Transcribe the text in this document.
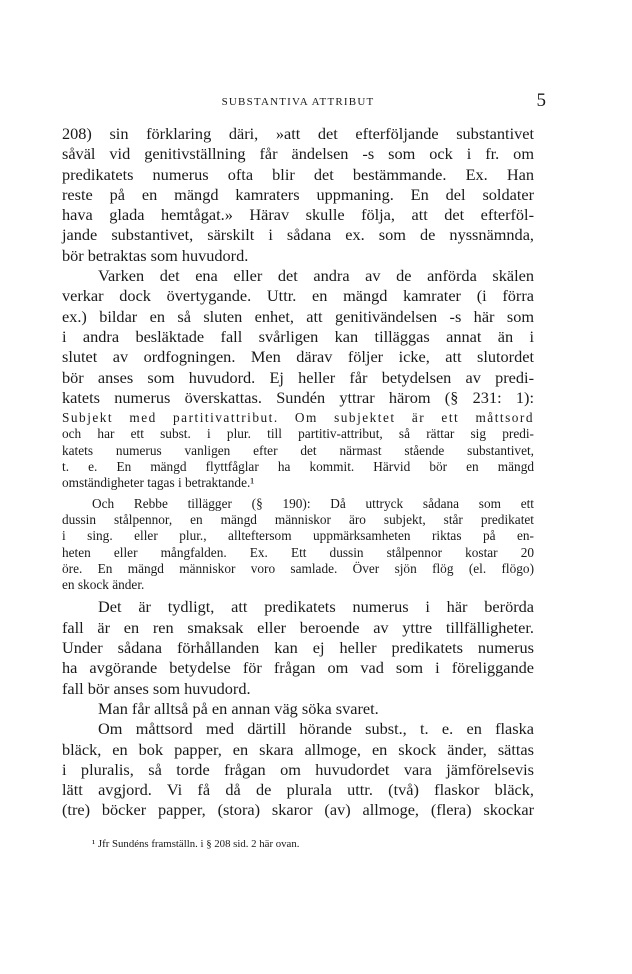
SUBSTANTIVA ATTRIBUT	5
208) sin förklaring däri, »att det efterföljande substantivet
såväl vid genitivställning får ändelsen -s som ock i fr. om
predikatets numerus ofta blir det bestämmande. Ex. Han
reste på en mängd kamraters uppmaning. En del soldater
hava glada hemtågat.» Härav skulle följa, att det efterföl-
jande substantivet, särskilt i sådana ex. som de nyssnämnda,
bör betraktas som huvudord.
Varken det ena eller det andra av de anförda skälen
verkar dock övertygande. Uttr. en mängd kamrater (i förra
ex.) bildar en så sluten enhet, att genitivändelsen -s här som
i andra besläktade fall svårligen kan tilläggas annat än i
slutet av ordfogningen. Men därav följer icke, att slutordet
bör anses som huvudord. Ej heller får betydelsen av predi-
katets numerus överskattas. Sundén yttrar härom (§ 231: 1):
Subjekt med partitivattribut. Om subjektet är ett måttsord
och har ett subst. i plur. till partitiv-attribut, så rättar sig predi-
katets numerus vanligen efter det närmast stående substantivet,
t. e. En mängd flyttfåglar ha kommit. Härvid bör en mängd
omständigheter tagas i betraktande.¹
Och Rebbe tillägger (§ 190): Då uttryck sådana som ett
dussin stålpennor, en mängd människor äro subjekt, står predikatet
i sing. eller plur., allteftersom uppmärksamheten riktas på en-
heten eller mångfalden. Ex. Ett dussin stålpennor kostar 20
öre. En mängd människor voro samlade. Över sjön flög (el. flögo)
en skock änder.
Det är tydligt, att predikatets numerus i här berörda
fall är en ren smaksak eller beroende av yttre tillfälligheter.
Under sådana förhållanden kan ej heller predikatets numerus
ha avgörande betydelse för frågan om vad som i föreliggande
fall bör anses som huvudord.
Man får alltså på en annan väg söka svaret.
Om måttsord med därtill hörande subst., t. e. en flaska
bläck, en bok papper, en skara allmoge, en skock änder, sättas
i pluralis, så torde frågan om huvudordet vara jämförelsevis
lätt avgjord. Vi få då de plurala uttr. (två) flaskor bläck,
(tre) böcker papper, (stora) skaror (av) allmoge, (flera) skockar
¹ Jfr Sundéns framställn. i § 208 sid. 2 här ovan.
